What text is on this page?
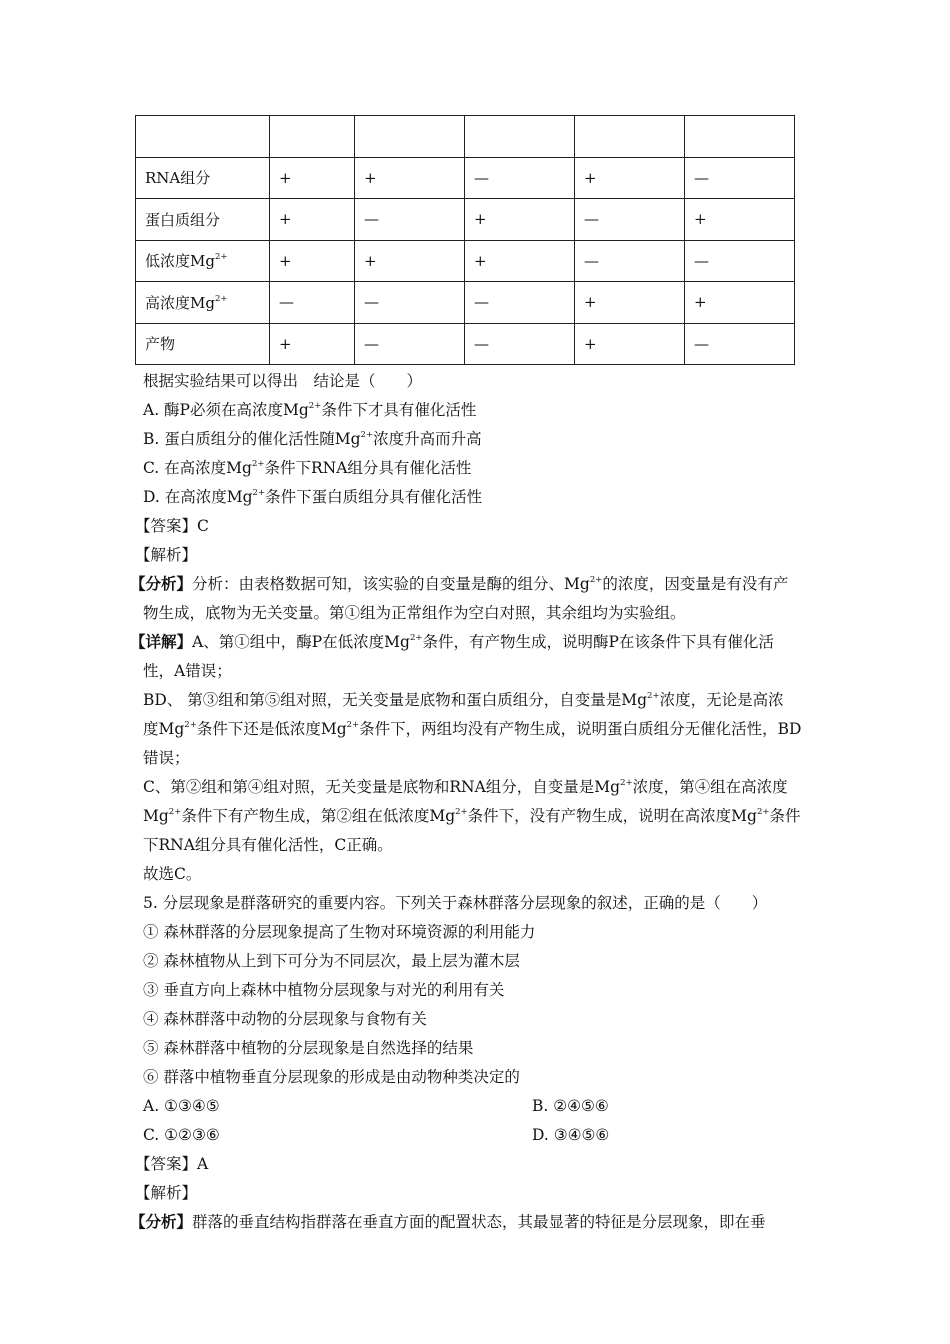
RNA组分	+	+	—	+	—
蛋白质组分	+	—	+	—	+
低浓度$Mg^{2+}$	+	+	+	—	—
高浓度$Mg^{2+}$	—	—	—	+	+
产物	+	—	—	+	—
根据实验结果可以得出　结论是（　　）
A. 酶P必须在高浓度$Mg^{2+}$条件下才具有催化活性
B. 蛋白质组分的催化活性随$Mg^{2+}$浓度升高而升高
C. 在高浓度$Mg^{2+}$条件下RNA组分具有催化活性
D. 在高浓度$Mg^{2+}$条件下蛋白质组分具有催化活性
【答案】C
【解析】
【分析】分析：由表格数据可知，该实验的自变量是酶的组分、$Mg^{2+}$的浓度，因变量是有没有产
物生成，底物为无关变量。第①组为正常组作为空白对照，其余组均为实验组。
【详解】A、第①组中，酶P在低浓度$Mg^{2+}$条件，有产物生成，说明酶P在该条件下具有催化活
性，A错误；
BD、 第③组和第⑤组对照，无关变量是底物和蛋白质组分，自变量是$Mg^{2+}$浓度，无论是高浓
度$Mg^{2+}$条件下还是低浓度$Mg^{2+}$条件下，两组均没有产物生成，说明蛋白质组分无催化活性，BD
错误；
C、第②组和第④组对照，无关变量是底物和RNA组分，自变量是$Mg^{2+}$浓度，第④组在高浓度
$Mg^{2+}$条件下有产物生成，第②组在低浓度$Mg^{2+}$条件下，没有产物生成，说明在高浓度$Mg^{2+}$条件
下RNA组分具有催化活性，C正确。
故选C。
5. 分层现象是群落研究的重要内容。下列关于森林群落分层现象的叙述，正确的是（　　）
① 森林群落的分层现象提高了生物对环境资源的利用能力
② 森林植物从上到下可分为不同层次，最上层为灌木层
③ 垂直方向上森林中植物分层现象与对光的利用有关
④ 森林群落中动物的分层现象与食物有关
⑤ 森林群落中植物的分层现象是自然选择的结果
⑥ 群落中植物垂直分层现象的形成是由动物种类决定的
A. ①③④⑤	B. ②④⑤⑥
C. ①②③⑥	D. ③④⑤⑥
【答案】A
【解析】
【分析】群落的垂直结构指群落在垂直方面的配置状态，其最显著的特征是分层现象，即在垂
